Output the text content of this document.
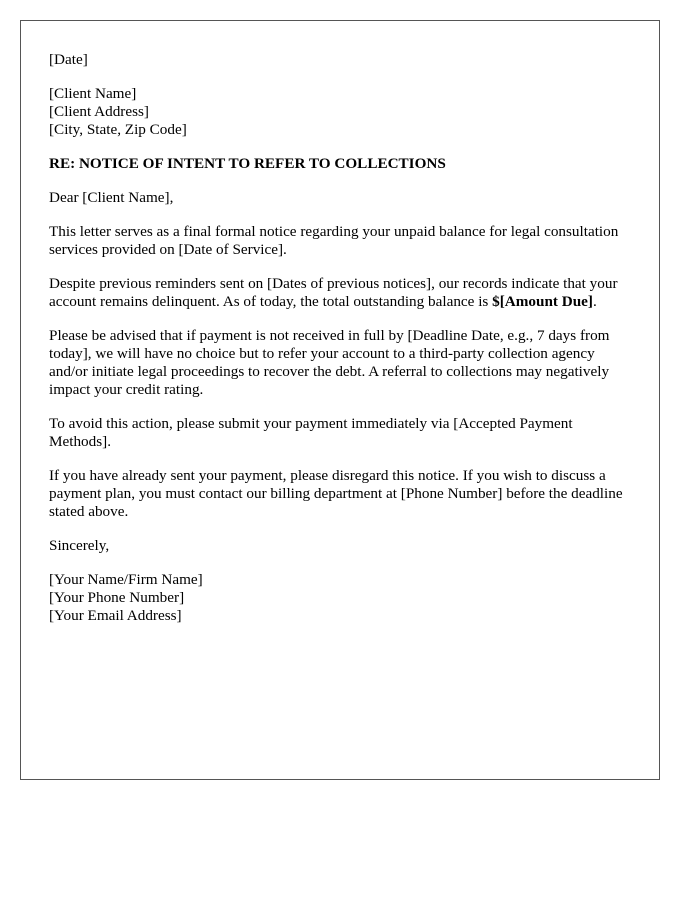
[Date]
[Client Name]
[Client Address]
[City, State, Zip Code]
RE: NOTICE OF INTENT TO REFER TO COLLECTIONS
Dear [Client Name],
This letter serves as a final formal notice regarding your unpaid balance for legal consultation services provided on [Date of Service].
Despite previous reminders sent on [Dates of previous notices], our records indicate that your account remains delinquent. As of today, the total outstanding balance is $[Amount Due].
Please be advised that if payment is not received in full by [Deadline Date, e.g., 7 days from today], we will have no choice but to refer your account to a third-party collection agency and/or initiate legal proceedings to recover the debt. A referral to collections may negatively impact your credit rating.
To avoid this action, please submit your payment immediately via [Accepted Payment Methods].
If you have already sent your payment, please disregard this notice. If you wish to discuss a payment plan, you must contact our billing department at [Phone Number] before the deadline stated above.
Sincerely,
[Your Name/Firm Name]
[Your Phone Number]
[Your Email Address]
